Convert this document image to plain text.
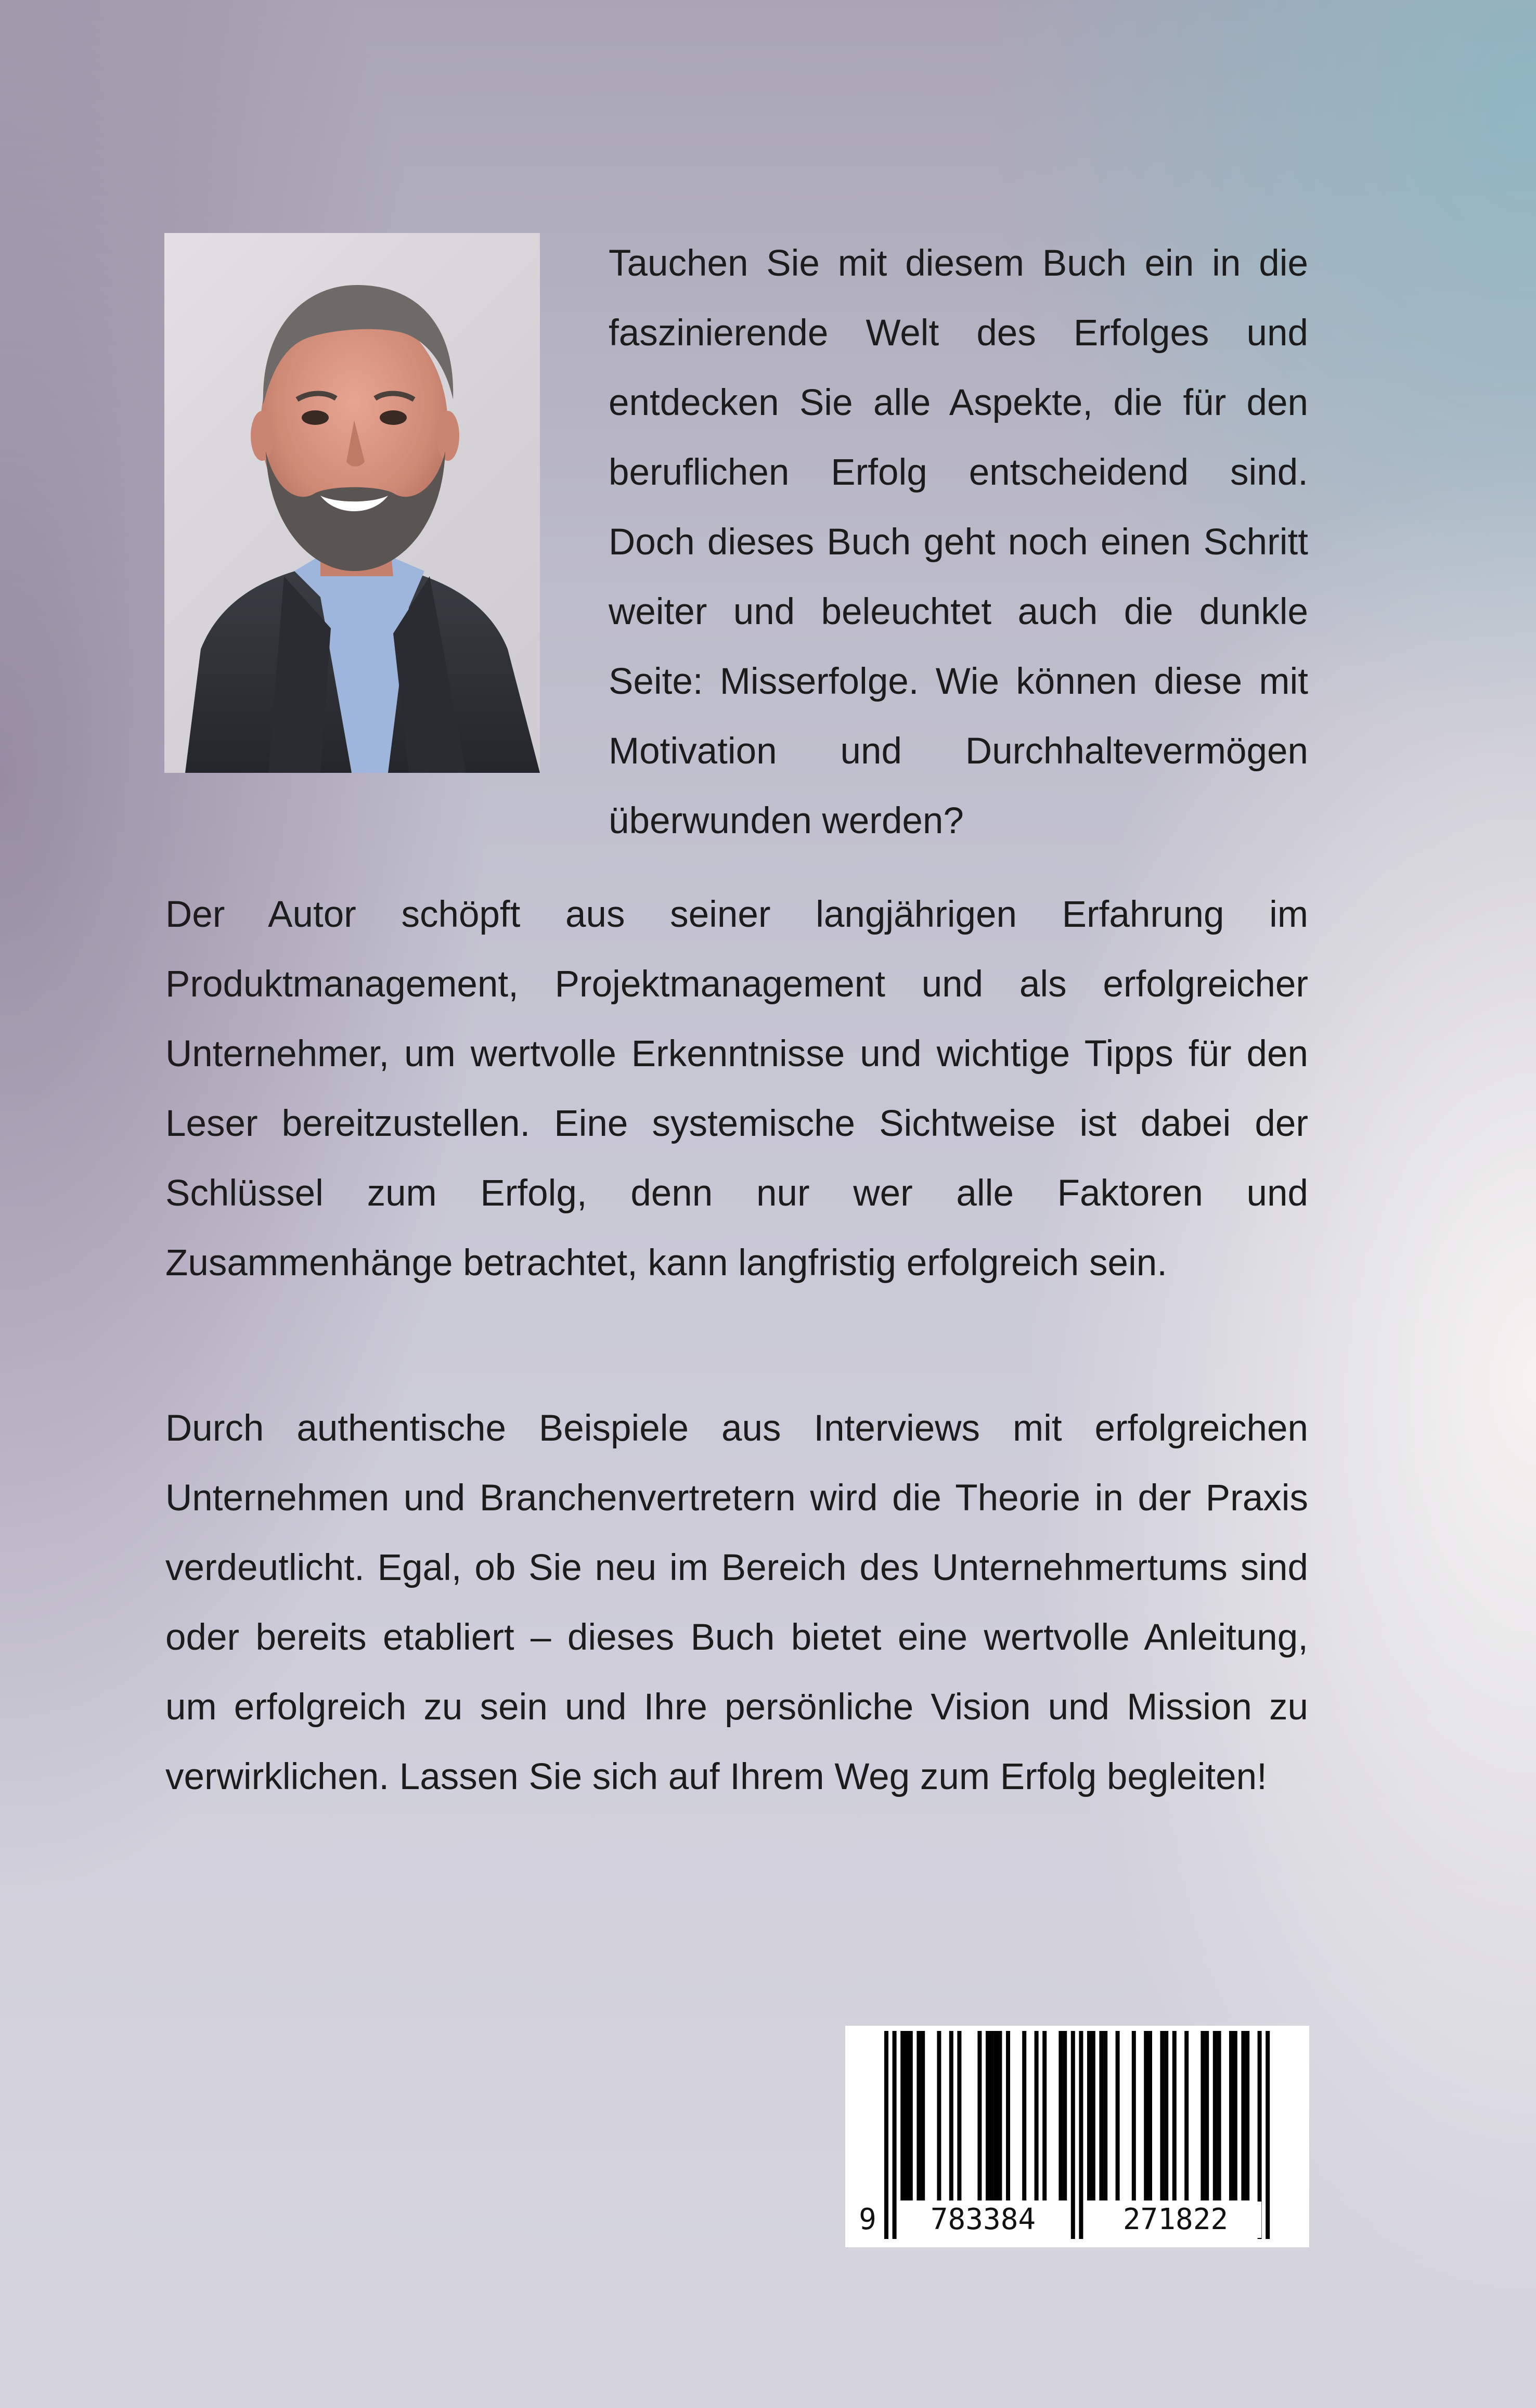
Tauchen Sie mit diesem Buch ein in die faszinierende Welt des Erfolges und entdecken Sie alle Aspekte, die für den beruflichen Erfolg entscheidend sind. Doch dieses Buch geht noch einen Schritt weiter und beleuchtet auch die dunkle Seite: Misserfolge. Wie können diese mit Motivation und Durchhaltevermögen überwunden werden?

Der Autor schöpft aus seiner langjährigen Erfahrung im Produktmanagement, Projektmanagement und als erfolgreicher Unternehmer, um wertvolle Erkenntnisse und wichtige Tipps für den Leser bereitzustellen. Eine systemische Sichtweise ist dabei der Schlüssel zum Erfolg, denn nur wer alle Faktoren und Zusammenhänge betrachtet, kann langfristig erfolgreich sein.

Durch authentische Beispiele aus Interviews mit erfolgreichen Unternehmen und Branchenvertretern wird die Theorie in der Praxis verdeutlicht. Egal, ob Sie neu im Bereich des Unternehmertums sind oder bereits etabliert – dieses Buch bietet eine wertvolle Anleitung, um erfolgreich zu sein und Ihre persönliche Vision und Mission zu verwirklichen. Lassen Sie sich auf Ihrem Weg zum Erfolg begleiten!

9	783384	271822
